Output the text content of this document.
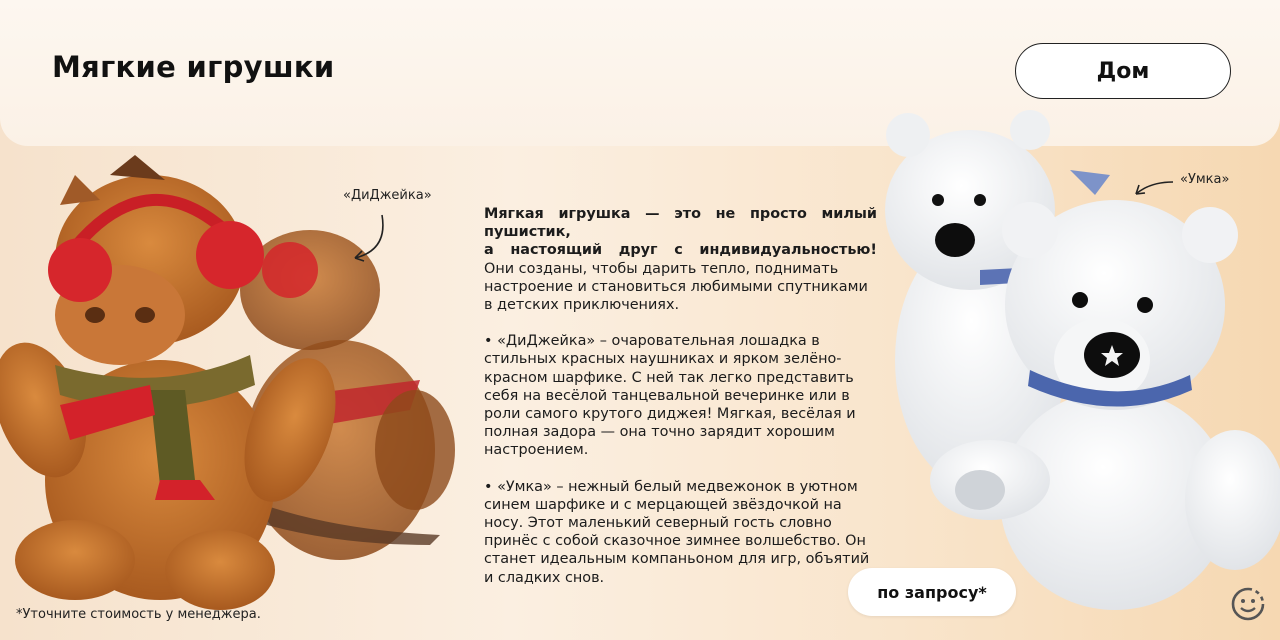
Мягкие игрушки	Дом
«ДиДжейка»
«Умка»

Мягкая игрушка — это не просто милый пушистик,
а настоящий друг с индивидуальностью!
Они созданы, чтобы дарить тепло, поднимать настроение и становиться любимыми спутниками в детских приключениях.

• «ДиДжейка» – очаровательная лошадка в стильных красных наушниках и ярком зелёно-красном шарфике. С ней так легко представить себя на весёлой танцевальной вечеринке или в роли самого крутого диджея! Мягкая, весёлая и полная задора — она точно зарядит хорошим настроением.

• «Умка» – нежный белый медвежонок в уютном синем шарфике и с мерцающей звёздочкой на носу. Этот маленький северный гость словно принёс с собой сказочное зимнее волшебство. Он станет идеальным компаньоном для игр, объятий и сладких снов.

по запросу*
*Уточните стоимость у менеджера.
